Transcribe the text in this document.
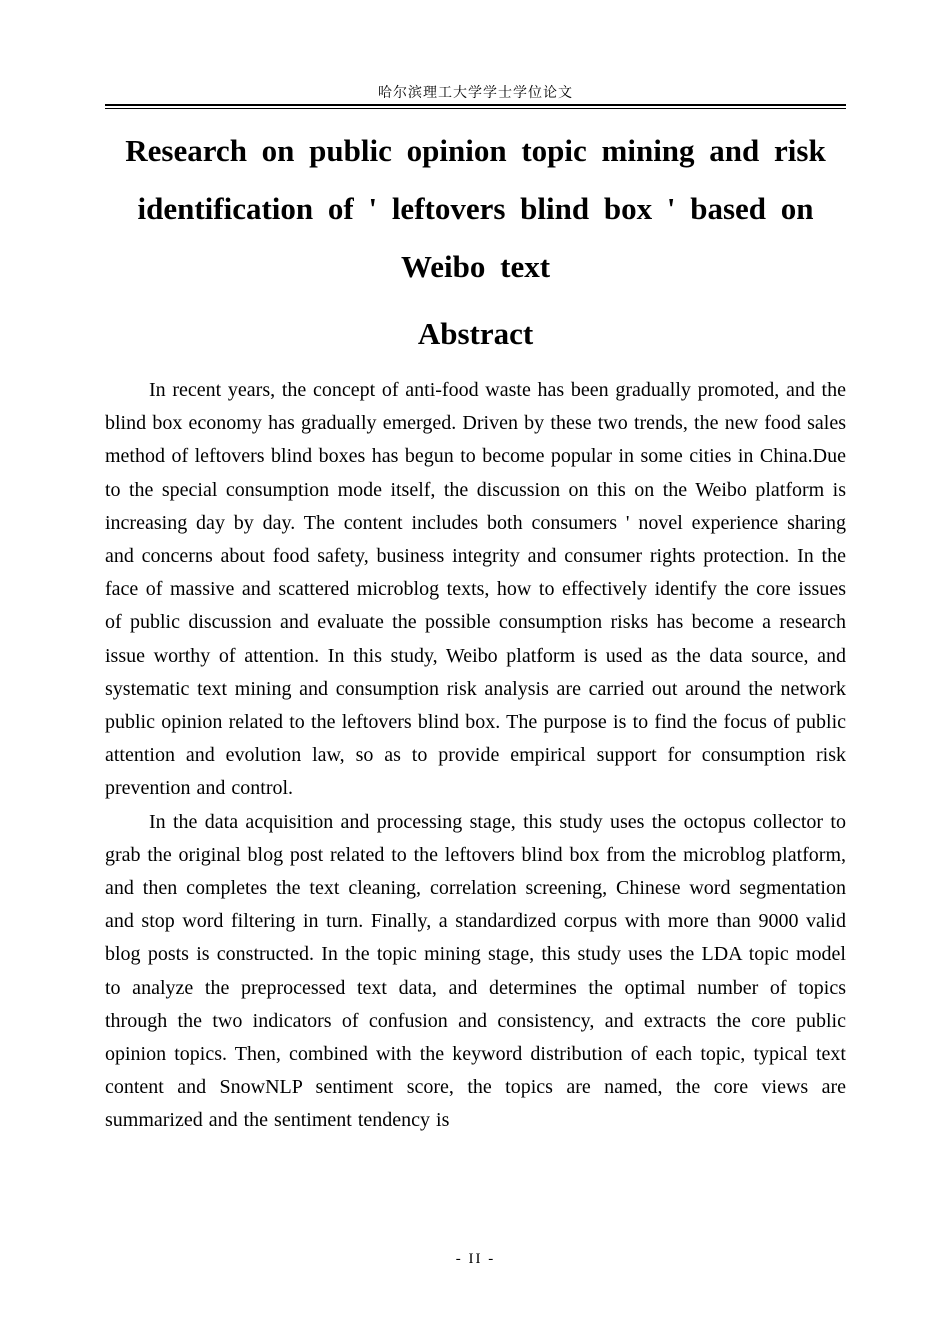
哈尔滨理工大学学士学位论文
Research on public opinion topic mining and risk identification of ' leftovers blind box ' based on Weibo text
Abstract

In recent years, the concept of anti-food waste has been gradually promoted, and the blind box economy has gradually emerged. Driven by these two trends, the new food sales method of leftovers blind boxes has begun to become popular in some cities in China.Due to the special consumption mode itself, the discussion on this on the Weibo platform is increasing day by day. The content includes both consumers ' novel experience sharing and concerns about food safety, business integrity and consumer rights protection. In the face of massive and scattered microblog texts, how to effectively identify the core issues of public discussion and evaluate the possible consumption risks has become a research issue worthy of attention. In this study, Weibo platform is used as the data source, and systematic text mining and consumption risk analysis are carried out around the network public opinion related to the leftovers blind box. The purpose is to find the focus of public attention and evolution law, so as to provide empirical support for consumption risk prevention and control.

In the data acquisition and processing stage, this study uses the octopus collector to grab the original blog post related to the leftovers blind box from the microblog platform, and then completes the text cleaning, correlation screening, Chinese word segmentation and stop word filtering in turn. Finally, a standardized corpus with more than 9000 valid blog posts is constructed. In the topic mining stage, this study uses the LDA topic model to analyze the preprocessed text data, and determines the optimal number of topics through the two indicators of confusion and consistency, and extracts the core public opinion topics. Then, combined with the keyword distribution of each topic, typical text content and SnowNLP sentiment score, the topics are named, the core views are summarized and the sentiment tendency is

- II -
